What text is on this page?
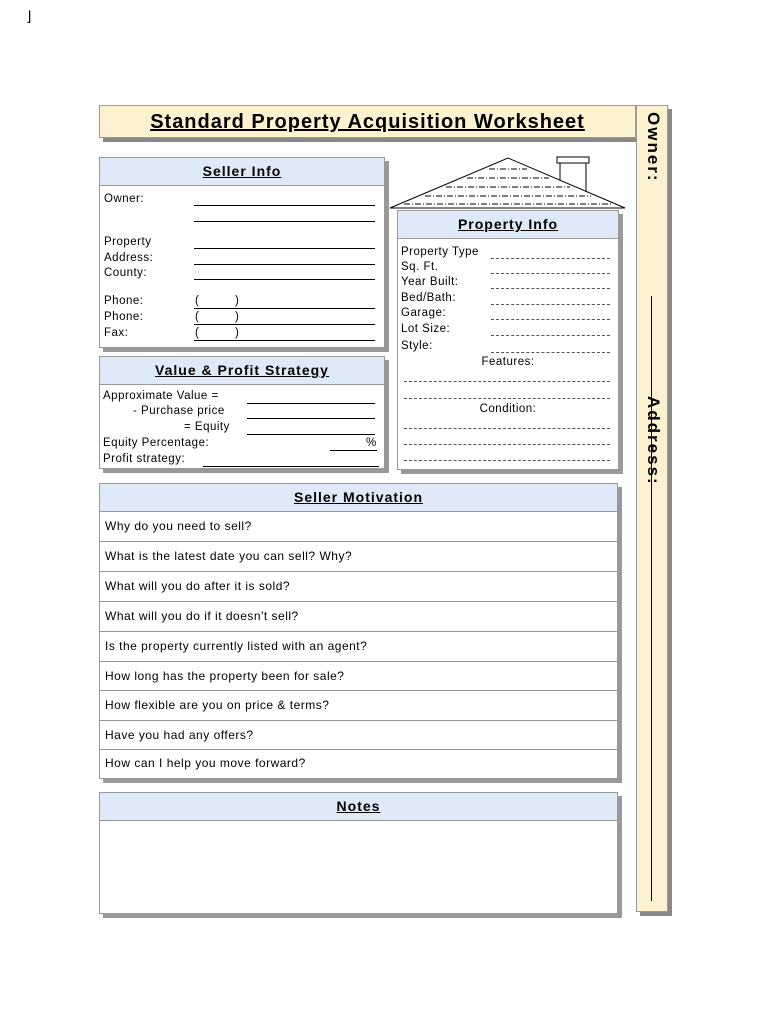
⌋
Standard Property Acquisition Worksheet	Owner:
Address:
Seller Info
Owner:
Property
Address:
County:
Phone:	(	)
Phone:	(	)
Fax:	(	)
Property Info
Property Type
Sq. Ft.
Year Built:
Bed/Bath:
Garage:
Lot Size:
Style:
Features:
Condition:
Value & Profit Strategy
Approximate Value =
- Purchase price
= Equity
Equity Percentage:	%
Profit strategy:
Seller Motivation
Why do you need to sell?
What is the latest date you can sell? Why?
What will you do after it is sold?
What will you do if it doesn't sell?
Is the property currently listed with an agent?
How long has the property been for sale?
How flexible are you on price & terms?
Have you had any offers?
How can I help you move forward?
Notes
